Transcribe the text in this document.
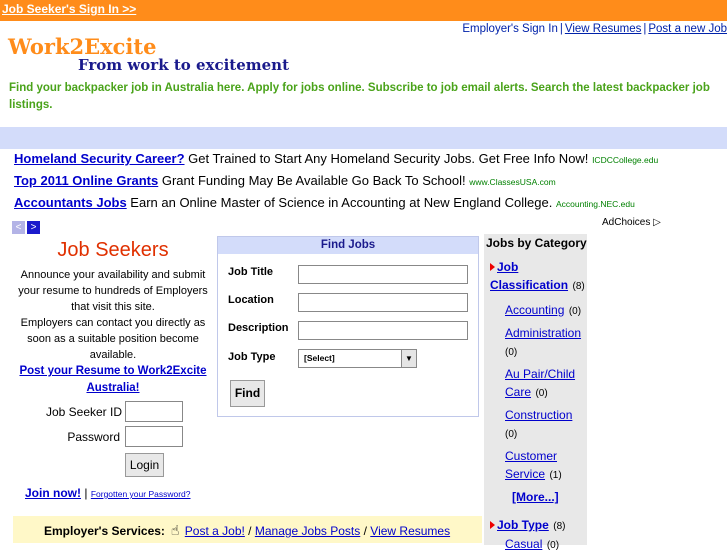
Job Seeker's Sign In >>
Employer's Sign In | View Resumes | Post a new Job
Work2Excite
From work to excitement
Find your backpacker job in Australia here. Apply for jobs online. Subscribe to job email alerts. Search the latest backpacker job listings.
Homeland Security Career? Get Trained to Start Any Homeland Security Jobs. Get Free Info Now! ICDCCollege.edu
Top 2011 Online Grants Grant Funding May Be Available Go Back To School! www.ClassesUSA.com
Accountants Jobs Earn an Online Master of Science in Accounting at New England College. Accounting.NEC.edu
< >	AdChoices ▷
Job Seekers

Announce your availability and submit your resume to hundreds of Employers that visit this site.

Employers can contact you directly as soon as a suitable position become available.

Post your Resume to Work2Excite Australia!
Job Seeker ID
Password
Login
Join now! | Forgotten your Password?
Find Jobs
Job Title
Location
Description
Job Type	[Select]	▼
Find
Jobs by Category
Job Classification (8)
Accounting (0)
Administration (0)
Au Pair/Child Care (0)
Construction (0)
Customer Service (1)
[More...]
Job Type (8)
Casual (0)
Employer's Services: ☝ Post a Job! / Manage Jobs Posts / View Resumes
